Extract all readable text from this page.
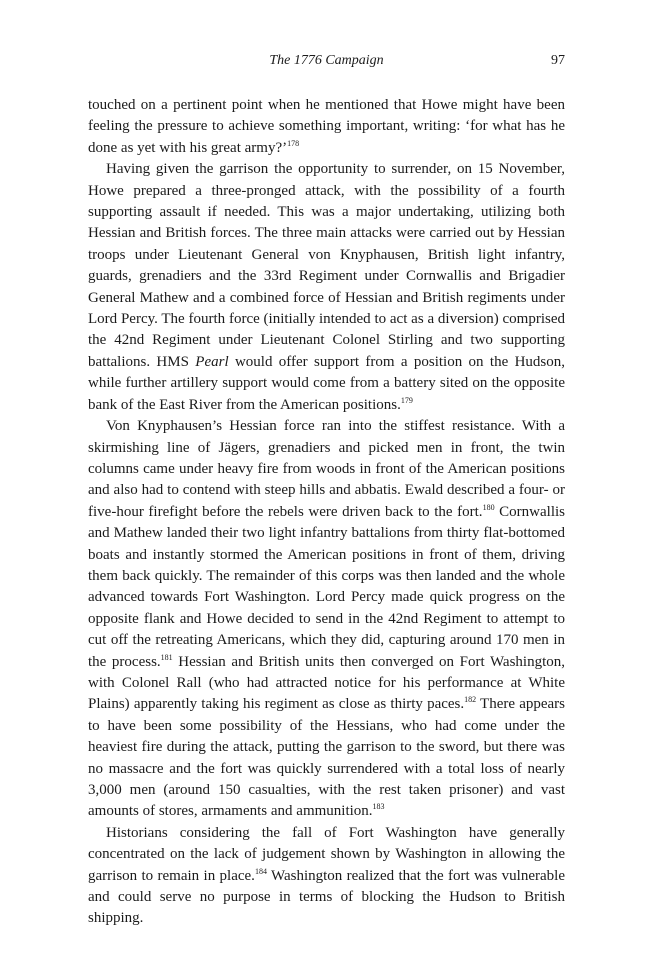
The 1776 Campaign	97

touched on a pertinent point when he mentioned that Howe might have been feeling the pressure to achieve something important, writing: ‘for what has he done as yet with his great army?’$^{178}$

Having given the garrison the opportunity to surrender, on 15 November, Howe prepared a three-pronged attack, with the possibility of a fourth supporting assault if needed. This was a major undertaking, utilizing both Hessian and British forces. The three main attacks were carried out by Hessian troops under Lieutenant General von Knyphausen, British light infantry, guards, grenadiers and the 33rd Regiment under Cornwallis and Brigadier General Mathew and a combined force of Hessian and British regiments under Lord Percy. The fourth force (initially intended to act as a diversion) comprised the 42nd Regiment under Lieutenant Colonel Stirling and two supporting battalions. HMS Pearl would offer support from a position on the Hudson, while further artillery support would come from a battery sited on the opposite bank of the East River from the American positions.$^{179}$

Von Knyphausen’s Hessian force ran into the stiffest resistance. With a skirmishing line of Jägers, grenadiers and picked men in front, the twin columns came under heavy fire from woods in front of the American positions and also had to contend with steep hills and abbatis. Ewald described a four- or five-hour firefight before the rebels were driven back to the fort.$^{180}$ Cornwallis and Mathew landed their two light infantry battalions from thirty flat-bottomed boats and instantly stormed the American positions in front of them, driving them back quickly. The remainder of this corps was then landed and the whole advanced towards Fort Washington. Lord Percy made quick progress on the opposite flank and Howe decided to send in the 42nd Regiment to attempt to cut off the retreating Americans, which they did, capturing around 170 men in the process.$^{181}$ Hessian and British units then converged on Fort Washington, with Colonel Rall (who had attracted notice for his performance at White Plains) apparently taking his regiment as close as thirty paces.$^{182}$ There appears to have been some possibility of the Hessians, who had come under the heaviest fire during the attack, putting the garrison to the sword, but there was no massacre and the fort was quickly surrendered with a total loss of nearly 3,000 men (around 150 casualties, with the rest taken prisoner) and vast amounts of stores, armaments and ammunition.$^{183}$

Historians considering the fall of Fort Washington have generally concentrated on the lack of judgement shown by Washington in allowing the garrison to remain in place.$^{184}$ Washington realized that the fort was vulnerable and could serve no purpose in terms of blocking the Hudson to British shipping.
